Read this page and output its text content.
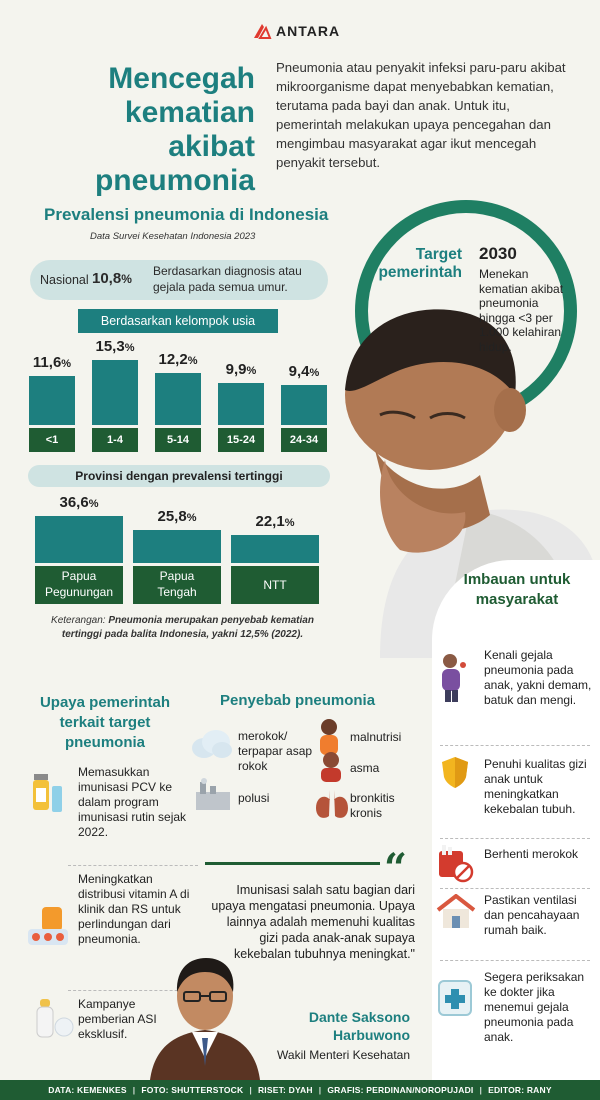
ANTARA
Mencegah kematian akibat pneumonia
Pneumonia atau penyakit infeksi paru-paru akibat mikroorganisme dapat menyebabkan kematian, terutama pada bayi dan anak. Untuk itu, pemerintah melakukan upaya pencegahan dan mengimbau masyarakat agar ikut mencegah penyakit tersebut.
Prevalensi pneumonia di Indonesia
Data Survei Kesehatan Indonesia 2023
Nasional 10,8%
Berdasarkan diagnosis atau gejala pada semua umur.
Berdasarkan kelompok usia
11,6%
<1
15,3%
1-4
12,2%
5-14
9,9%
15-24
9,4%
24-34
Provinsi dengan prevalensi tertinggi
36,6%
Papua
Pegunungan
25,8%
Papua
Tengah
22,1%
NTT
Keterangan: Pneumonia merupakan penyebab kematian tertinggi pada balita Indonesia, yakni 12,5% (2022).
Target pemerintah
2030
Menekan kematian akibat pneumonia hingga <3 per 1.000 kelahiran hidup.
Imbauan untuk masyarakat
Kenali gejala pneumonia pada anak, yakni demam, batuk dan mengi.
Penuhi kualitas gizi anak untuk meningkatkan kekebalan tubuh.
Berhenti merokok
Pastikan ventilasi dan pencahayaan rumah baik.
Segera periksakan ke dokter jika menemui gejala pneumonia pada anak.
Upaya pemerintah terkait target pneumonia
Memasukkan imunisasi PCV ke dalam program imunisasi rutin sejak 2022.
Meningkatkan distribusi vitamin A di klinik dan RS untuk perlindungan dari pneumonia.
Kampanye pemberian ASI eksklusif.
Penyebab pneumonia
merokok/ terpapar asap rokok
malnutrisi
asma
polusi	bronkitis kronis
“
Imunisasi salah satu bagian dari upaya mengatasi pneumonia. Upaya lainnya adalah memenuhi kualitas gizi pada anak-anak supaya kekebalan tubuhnya meningkat."
Dante Saksono Harbuwono
Wakil Menteri Kesehatan
DATA: KEMENKES | FOTO: SHUTTERSTOCK | RISET: DYAH | GRAFIS: PERDINAN/NOROPUJADI | EDITOR: RANY
